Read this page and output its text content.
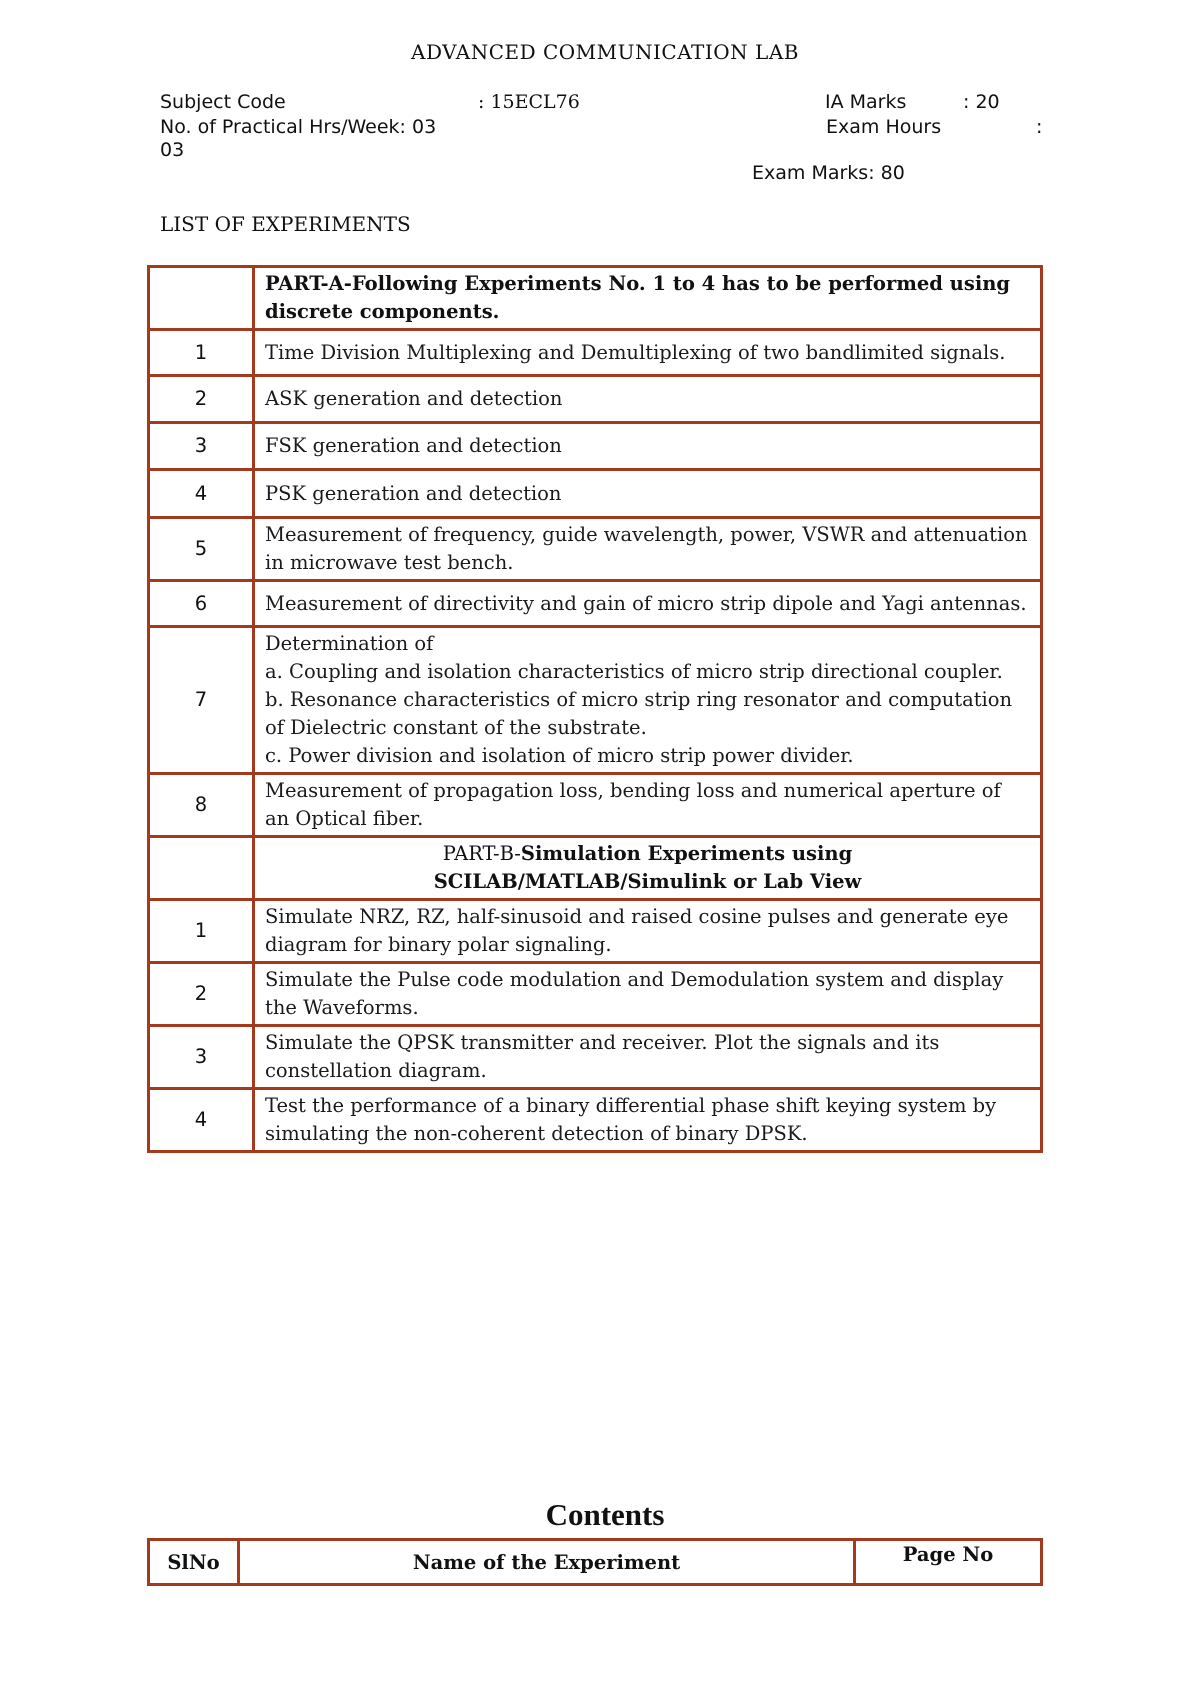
ADVANCED COMMUNICATION LAB
Subject Code	: 15ECL76	IA Marks	: 20
No. of Practical Hrs/Week: 03	Exam Hours	:
03
Exam Marks: 80
LIST OF EXPERIMENTS
	PART-A-Following Experiments No. 1 to 4 has to be performed using discrete components.
1	Time Division Multiplexing and Demultiplexing of two bandlimited signals.
2	ASK generation and detection
3	FSK generation and detection
4	PSK generation and detection
5	Measurement of frequency, guide wavelength, power, VSWR and attenuation in microwave test bench.
6	Measurement of directivity and gain of micro strip dipole and Yagi antennas.
7	Determination of
a. Coupling and isolation characteristics of micro strip directional coupler.
b. Resonance characteristics of micro strip ring resonator and computation of Dielectric constant of the substrate.
c. Power division and isolation of micro strip power divider.

8	Measurement of propagation loss, bending loss and numerical aperture of an Optical fiber.
	PART-B-Simulation Experiments using
SCILAB/MATLAB/Simulink or Lab View
1	Simulate NRZ, RZ, half-sinusoid and raised cosine pulses and generate eye diagram for binary polar signaling.
2	Simulate the Pulse code modulation and Demodulation system and display the Waveforms.
3	Simulate the QPSK transmitter and receiver. Plot the signals and its constellation diagram.
4	Test the performance of a binary differential phase shift keying system by simulating the non-coherent detection of binary DPSK.
Contents
SlNo	Name of the Experiment	Page No
